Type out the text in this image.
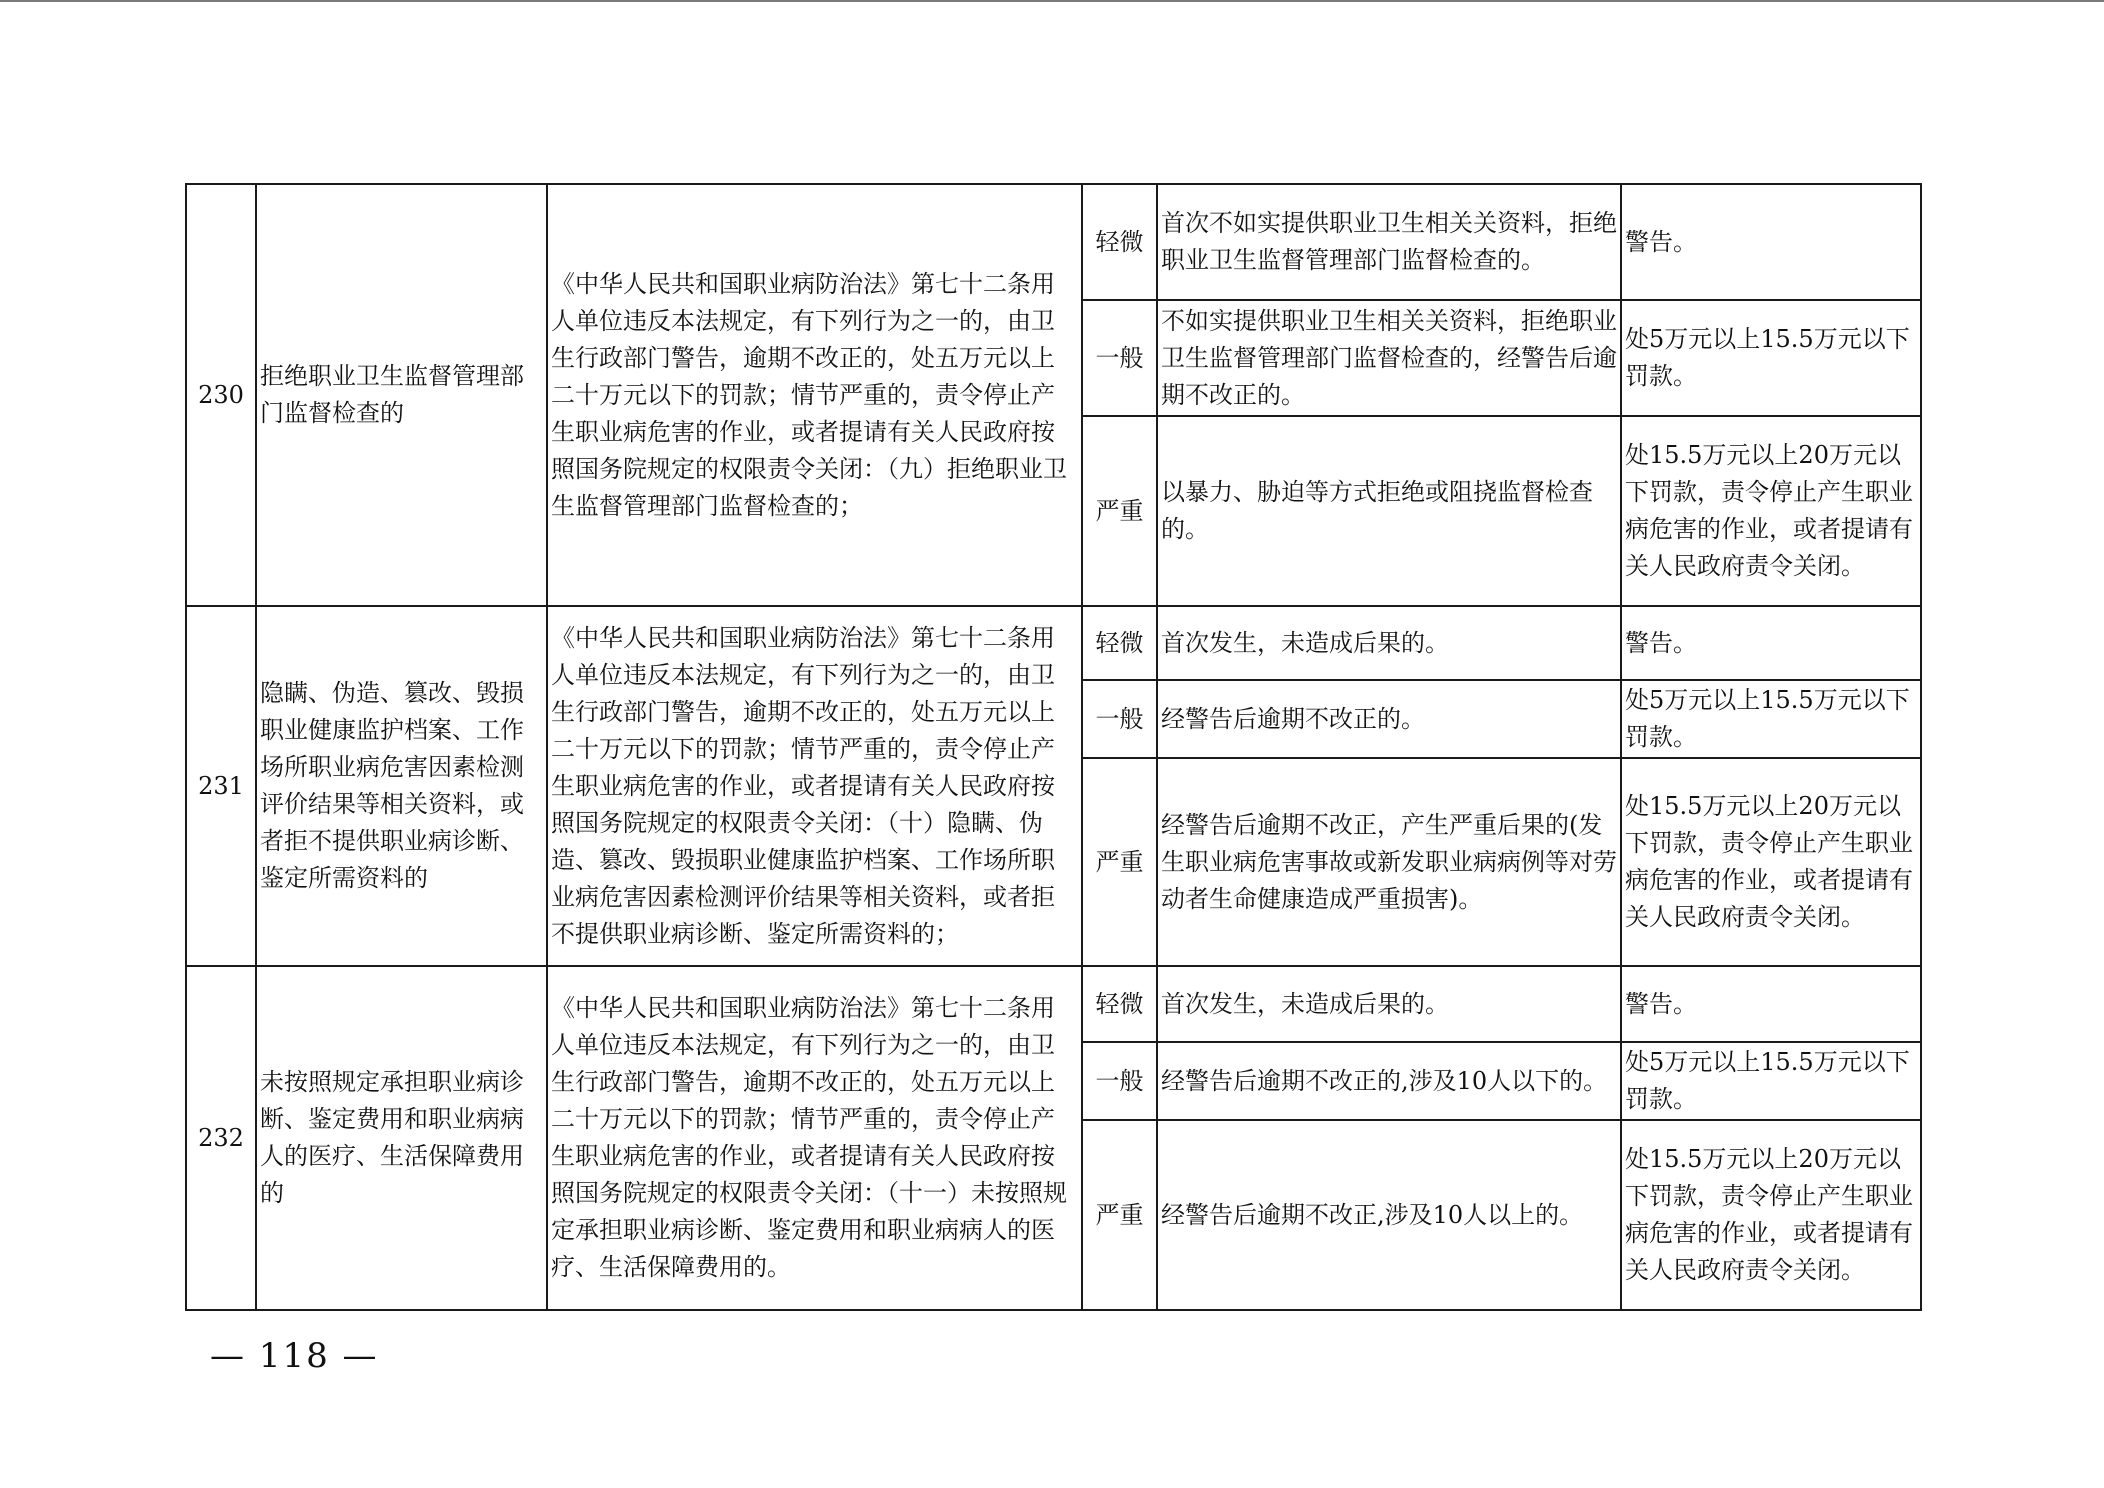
230	拒绝职业卫生监督管理部门监督检查的	《中华人民共和国职业病防治法》第七十二条用人单位违反本法规定，有下列行为之一的，由卫生行政部门警告，逾期不改正的，处五万元以上二十万元以下的罚款；情节严重的，责令停止产生职业病危害的作业，或者提请有关人民政府按照国务院规定的权限责令关闭：（九）拒绝职业卫生监督管理部门监督检查的；	轻微	首次不如实提供职业卫生相关关资料，拒绝职业卫生监督管理部门监督检查的。	警告。
			一般	不如实提供职业卫生相关关资料，拒绝职业卫生监督管理部门监督检查的，经警告后逾期不改正的。	处5万元以上15.5万元以下罚款。
			严重	以暴力、胁迫等方式拒绝或阻挠监督检查的。	处15.5万元以上20万元以下罚款，责令停止产生职业病危害的作业，或者提请有关人民政府责令关闭。
231	隐瞒、伪造、篡改、毁损职业健康监护档案、工作场所职业病危害因素检测评价结果等相关资料，或者拒不提供职业病诊断、鉴定所需资料的	《中华人民共和国职业病防治法》第七十二条用人单位违反本法规定，有下列行为之一的，由卫生行政部门警告，逾期不改正的，处五万元以上二十万元以下的罚款；情节严重的，责令停止产生职业病危害的作业，或者提请有关人民政府按照国务院规定的权限责令关闭：（十）隐瞒、伪造、篡改、毁损职业健康监护档案、工作场所职业病危害因素检测评价结果等相关资料，或者拒不提供职业病诊断、鉴定所需资料的；	轻微	首次发生，未造成后果的。	警告。
			一般	经警告后逾期不改正的。	处5万元以上15.5万元以下罚款。
			严重	经警告后逾期不改正，产生严重后果的(发生职业病危害事故或新发职业病病例等对劳动者生命健康造成严重损害)。	处15.5万元以上20万元以下罚款，责令停止产生职业病危害的作业，或者提请有关人民政府责令关闭。
232	未按照规定承担职业病诊断、鉴定费用和职业病病人的医疗、生活保障费用的	《中华人民共和国职业病防治法》第七十二条用人单位违反本法规定，有下列行为之一的，由卫生行政部门警告，逾期不改正的，处五万元以上二十万元以下的罚款；情节严重的，责令停止产生职业病危害的作业，或者提请有关人民政府按照国务院规定的权限责令关闭：（十一）未按照规定承担职业病诊断、鉴定费用和职业病病人的医疗、生活保障费用的。	轻微	首次发生，未造成后果的。	警告。
			一般	经警告后逾期不改正的,涉及10人以下的。	处5万元以上15.5万元以下罚款。
			严重	经警告后逾期不改正,涉及10人以上的。	处15.5万元以上20万元以下罚款，责令停止产生职业病危害的作业，或者提请有关人民政府责令关闭。
— 118 —
